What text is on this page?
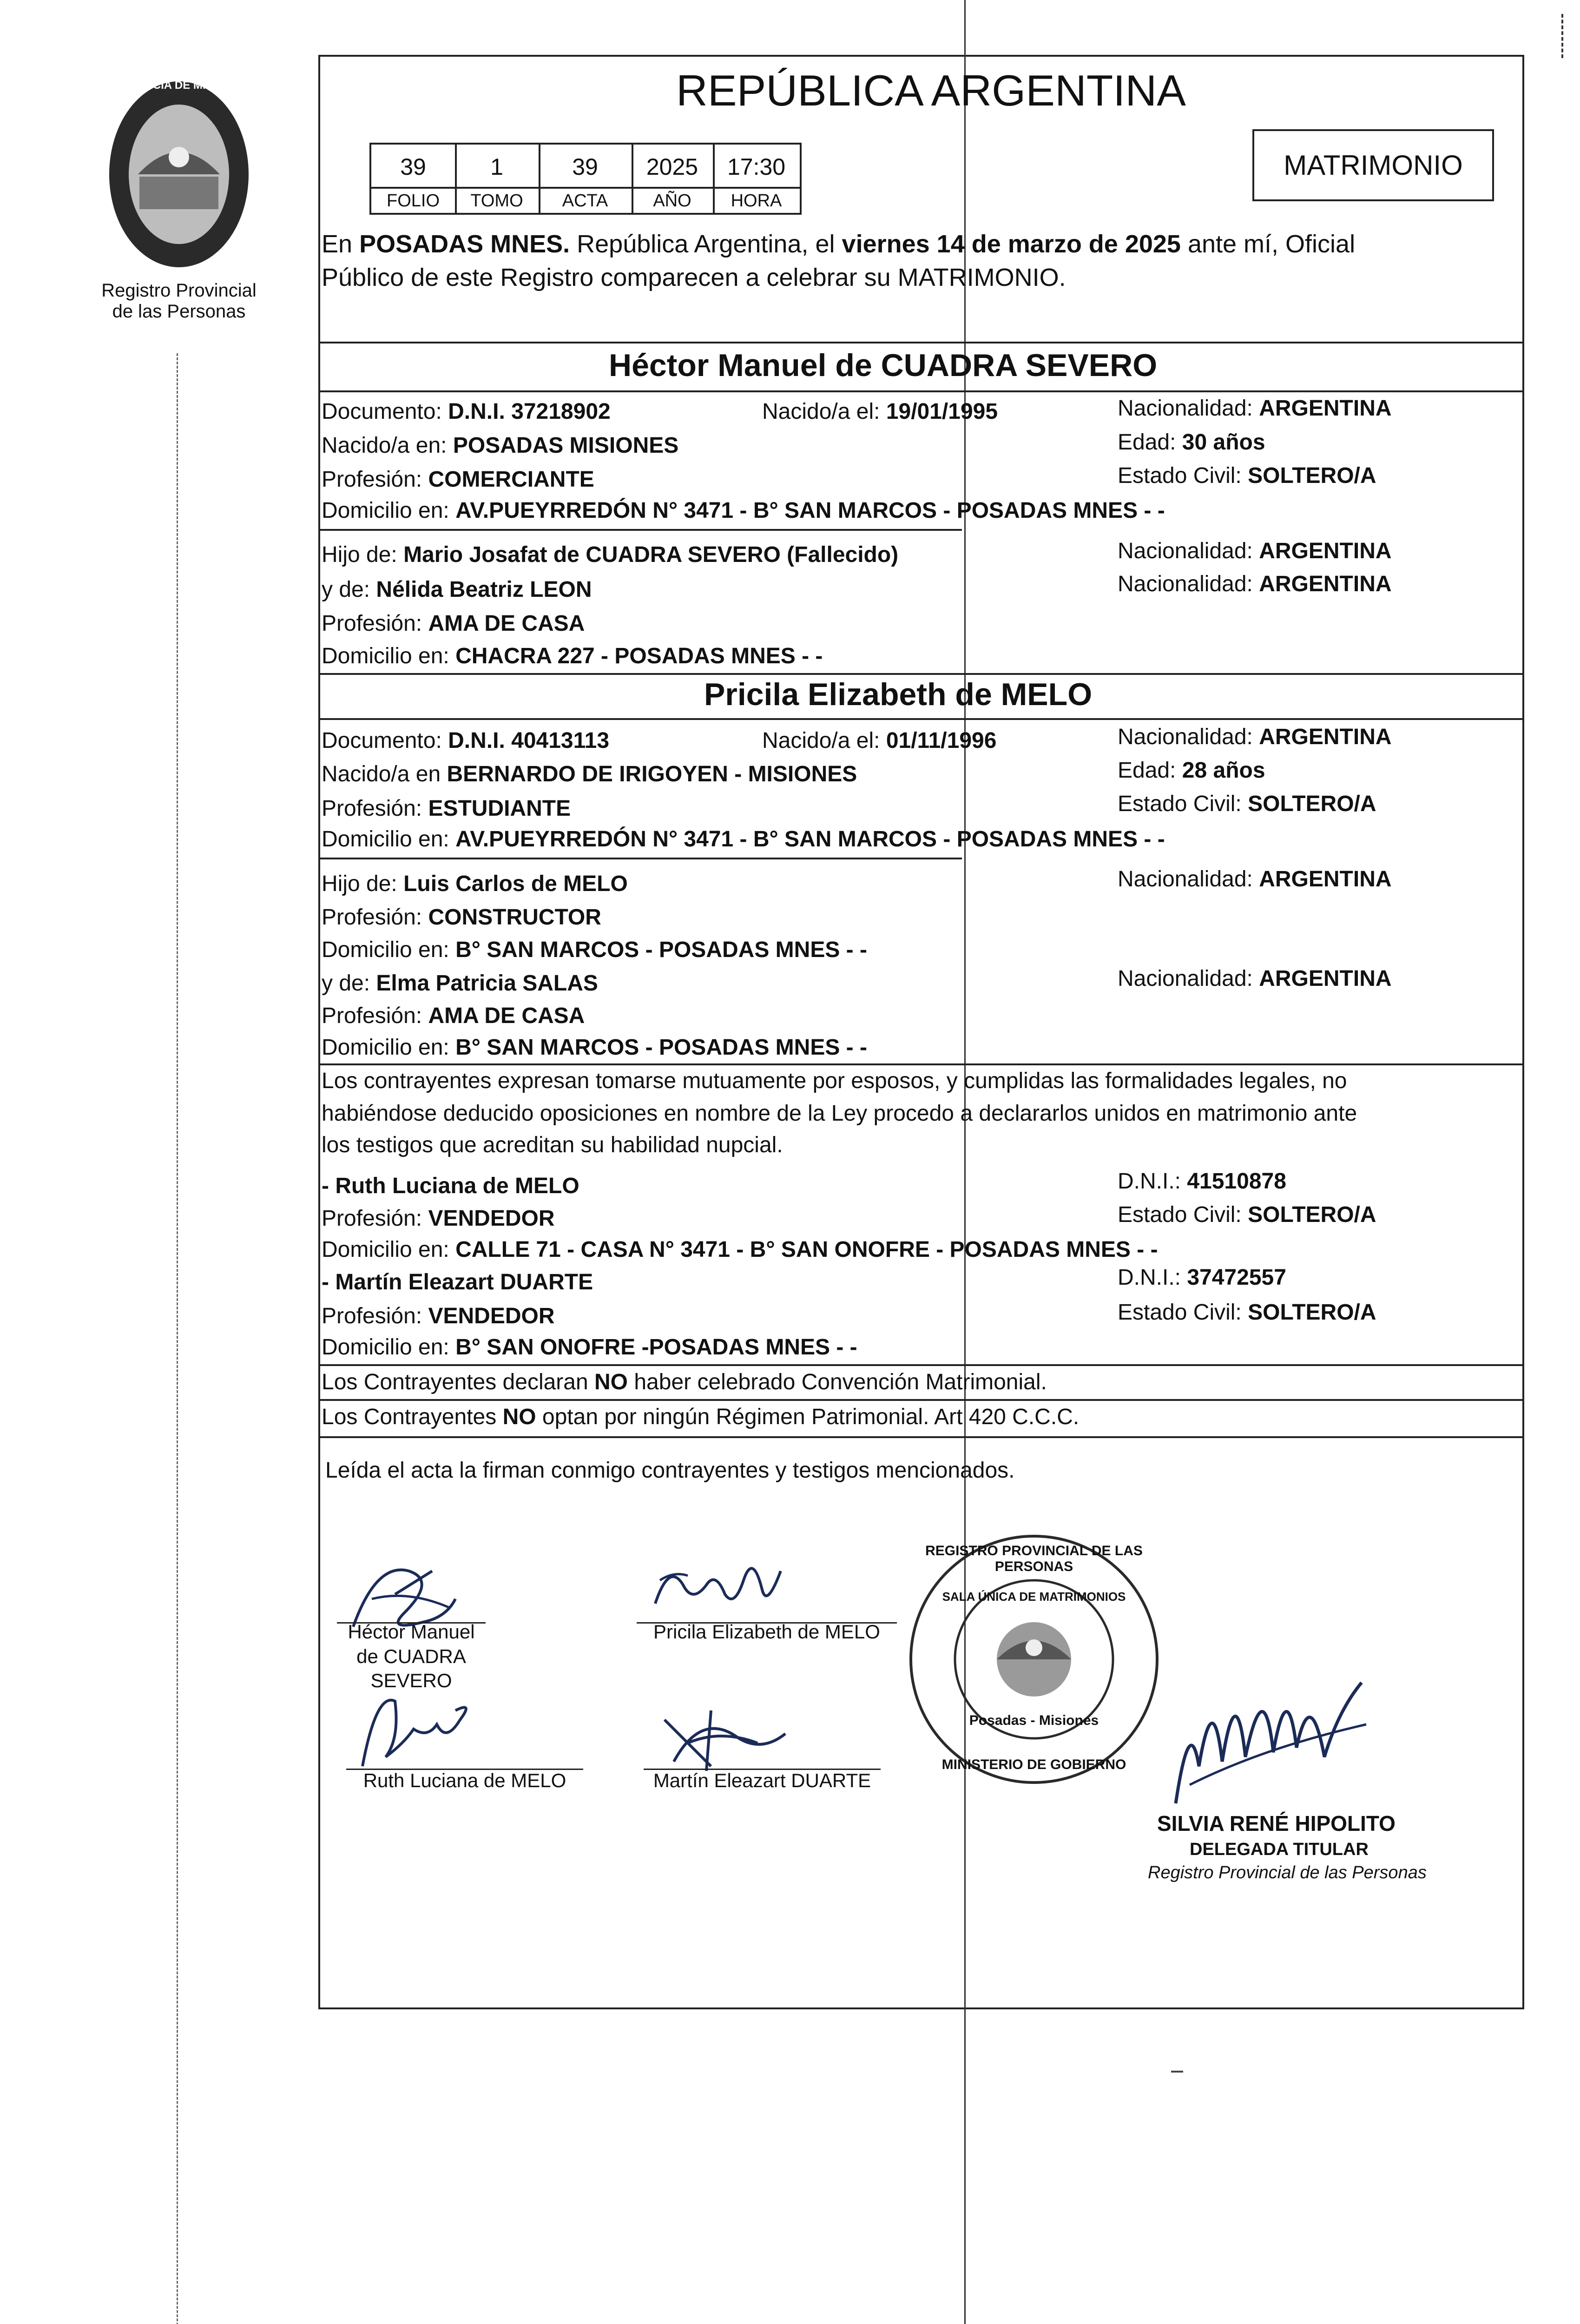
PROVINCIA DE MISIONES
Registro Provincial
de las Personas
REPÚBLICA ARGENTINA
39	1	39	2025	17:30
FOLIO	TOMO	ACTA	AÑO	HORA
MATRIMONIO
En POSADAS MNES. República Argentina, el viernes 14 de marzo de 2025 ante mí, Oficial
Público de este Registro comparecen a celebrar su MATRIMONIO.
Héctor Manuel de CUADRA SEVERO
Documento: D.N.I. 37218902	Nacido/a el: 19/01/1995	Nacionalidad: ARGENTINA
Nacido/a en: POSADAS MISIONES	Edad: 30 años
Profesión: COMERCIANTE	Estado Civil: SOLTERO/A
Domicilio en: AV.PUEYRREDÓN N° 3471 - B° SAN MARCOS - POSADAS MNES - -
Hijo de: Mario Josafat de CUADRA SEVERO (Fallecido)	Nacionalidad: ARGENTINA
y de: Nélida Beatriz LEON	Nacionalidad: ARGENTINA
Profesión: AMA DE CASA
Domicilio en: CHACRA 227 - POSADAS MNES - -
Pricila Elizabeth de MELO
Documento: D.N.I. 40413113	Nacido/a el: 01/11/1996	Nacionalidad: ARGENTINA
Nacido/a en BERNARDO DE IRIGOYEN - MISIONES	Edad: 28 años
Profesión: ESTUDIANTE	Estado Civil: SOLTERO/A
Domicilio en: AV.PUEYRREDÓN N° 3471 - B° SAN MARCOS - POSADAS MNES - -
Hijo de: Luis Carlos de MELO	Nacionalidad: ARGENTINA
Profesión: CONSTRUCTOR
Domicilio en: B° SAN MARCOS - POSADAS MNES - -
y de: Elma Patricia SALAS	Nacionalidad: ARGENTINA
Profesión: AMA DE CASA
Domicilio en: B° SAN MARCOS - POSADAS MNES - -
Los contrayentes expresan tomarse mutuamente por esposos, y cumplidas las formalidades legales, no
habiéndose deducido oposiciones en nombre de la Ley procedo a declararlos unidos en matrimonio ante
los testigos que acreditan su habilidad nupcial.
- Ruth Luciana de MELO	D.N.I.: 41510878
Profesión: VENDEDOR	Estado Civil: SOLTERO/A
Domicilio en: CALLE 71 - CASA N° 3471 - B° SAN ONOFRE - POSADAS MNES - -
- Martín Eleazart DUARTE	D.N.I.: 37472557
Profesión: VENDEDOR	Estado Civil: SOLTERO/A
Domicilio en: B° SAN ONOFRE -POSADAS MNES - -
Los Contrayentes declaran NO haber celebrado Convención Matrimonial.
Los Contrayentes NO optan por ningún Régimen Patrimonial. Art 420 C.C.C.
Leída el acta la firman conmigo contrayentes y testigos mencionados.
Héctor Manuel de CUADRA SEVERO
Pricila Elizabeth de MELO
Ruth Luciana de MELO	Martín Eleazart DUARTE
REGISTRO PROVINCIAL DE LAS PERSONAS
SALA ÚNICA DE MATRIMONIOS
Posadas - Misiones
MINISTERIO DE GOBIERNO
SILVIA RENÉ HIPOLITO
DELEGADA TITULAR
Registro Provincial de las Personas
